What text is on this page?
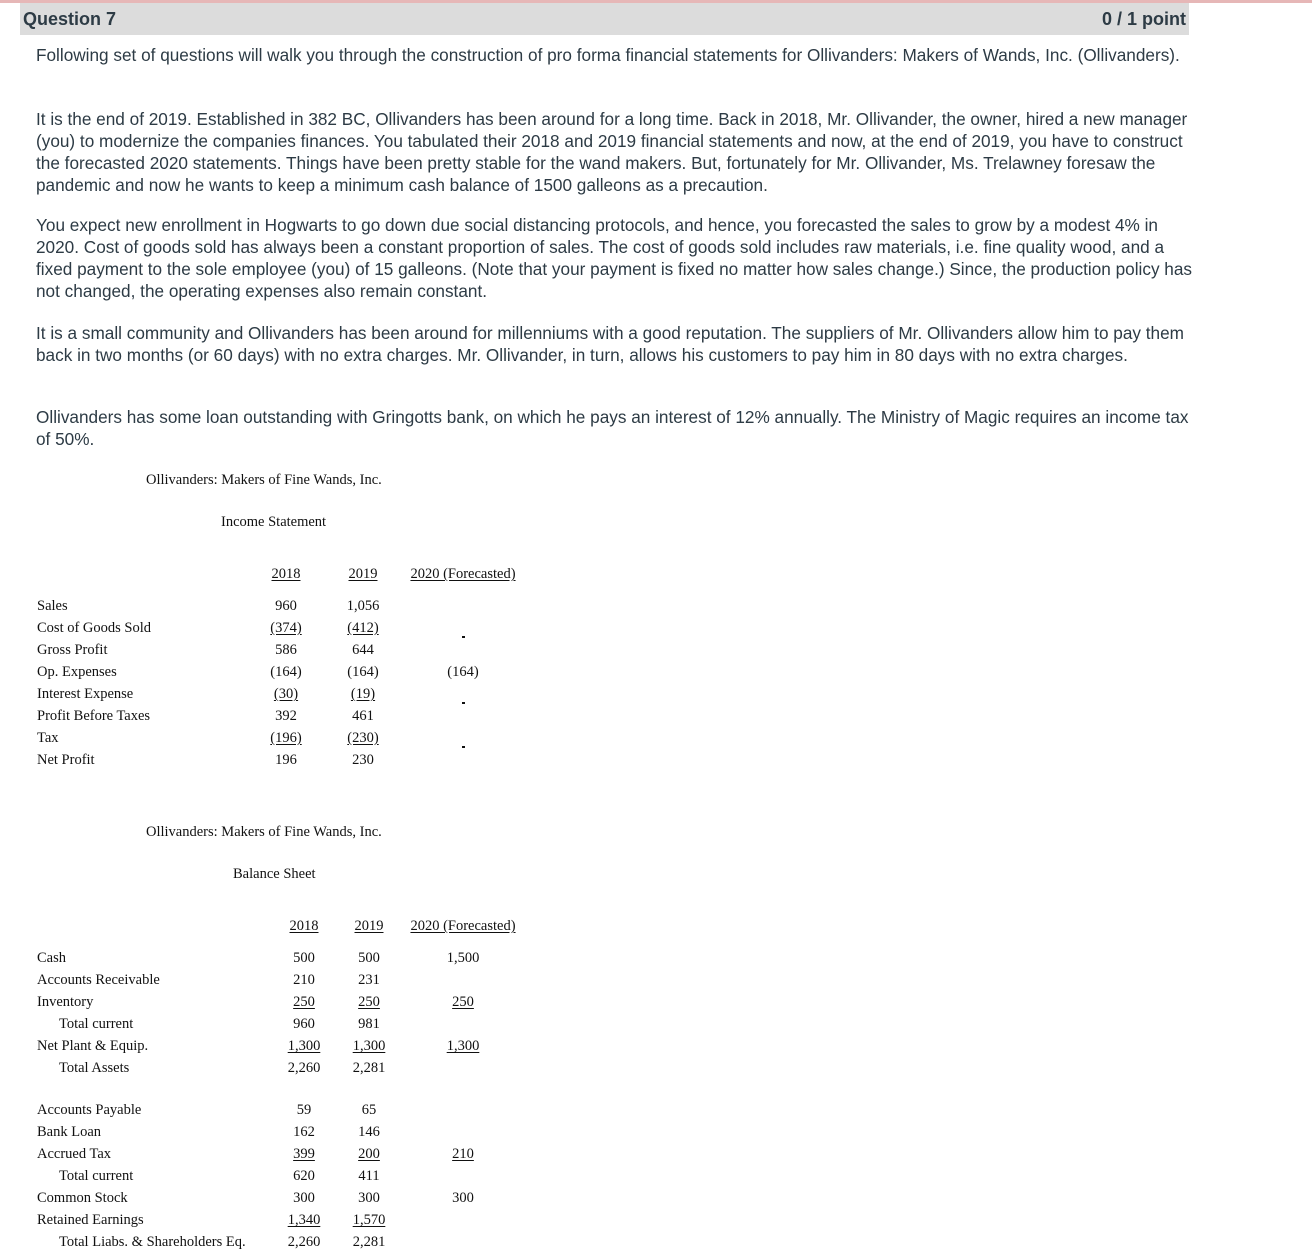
Question 7	0 / 1 point

Following set of questions will walk you through the construction of pro forma financial statements for Ollivanders: Makers of Wands, Inc. (Ollivanders).

It is the end of 2019. Established in 382 BC, Ollivanders has been around for a long time. Back in 2018, Mr. Ollivander, the owner, hired a new manager (you) to modernize the companies finances. You tabulated their 2018 and 2019 financial statements and now, at the end of 2019, you have to construct the forecasted 2020 statements. Things have been pretty stable for the wand makers. But, fortunately for Mr. Ollivander, Ms. Trelawney foresaw the pandemic and now he wants to keep a minimum cash balance of 1500 galleons as a precaution.

You expect new enrollment in Hogwarts to go down due social distancing protocols, and hence, you forecasted the sales to grow by a modest 4% in 2020. Cost of goods sold has always been a constant proportion of sales. The cost of goods sold includes raw materials, i.e. fine quality wood, and a fixed payment to the sole employee (you) of 15 galleons. (Note that your payment is fixed no matter how sales change.) Since, the production policy has not changed, the operating expenses also remain constant.

It is a small community and Ollivanders has been around for millenniums with a good reputation. The suppliers of Mr. Ollivanders allow him to pay them back in two months (or 60 days) with no extra charges. Mr. Ollivander, in turn, allows his customers to pay him in 80 days with no extra charges.

Ollivanders has some loan outstanding with Gringotts bank, on which he pays an interest of 12% annually. The Ministry of Magic requires an income tax of 50%.

Ollivanders: Makers of Fine Wands, Inc.
Income Statement
2018	2019	2020 (Forecasted)
Sales	960	1,056
Cost of Goods Sold	(374)	(412)
Gross Profit	586	644
Op. Expenses	(164)	(164)	(164)
Interest Expense	(30)	(19)
Profit Before Taxes	392	461
Tax	(196)	(230)
Net Profit	196	230
Ollivanders: Makers of Fine Wands, Inc.
Balance Sheet
2018	2019	2020 (Forecasted)
Cash	500	500	1,500
Accounts Receivable	210	231
Inventory	250	250	250
Total current	960	981
Net Plant & Equip.	1,300	1,300	1,300
Total Assets	2,260	2,281
Accounts Payable	59	65
Bank Loan	162	146
Accrued Tax	399	200	210
Total current	620	411
Common Stock	300	300	300
Retained Earnings	1,340	1,570
Total Liabs. & Shareholders Eq.	2,260	2,281
